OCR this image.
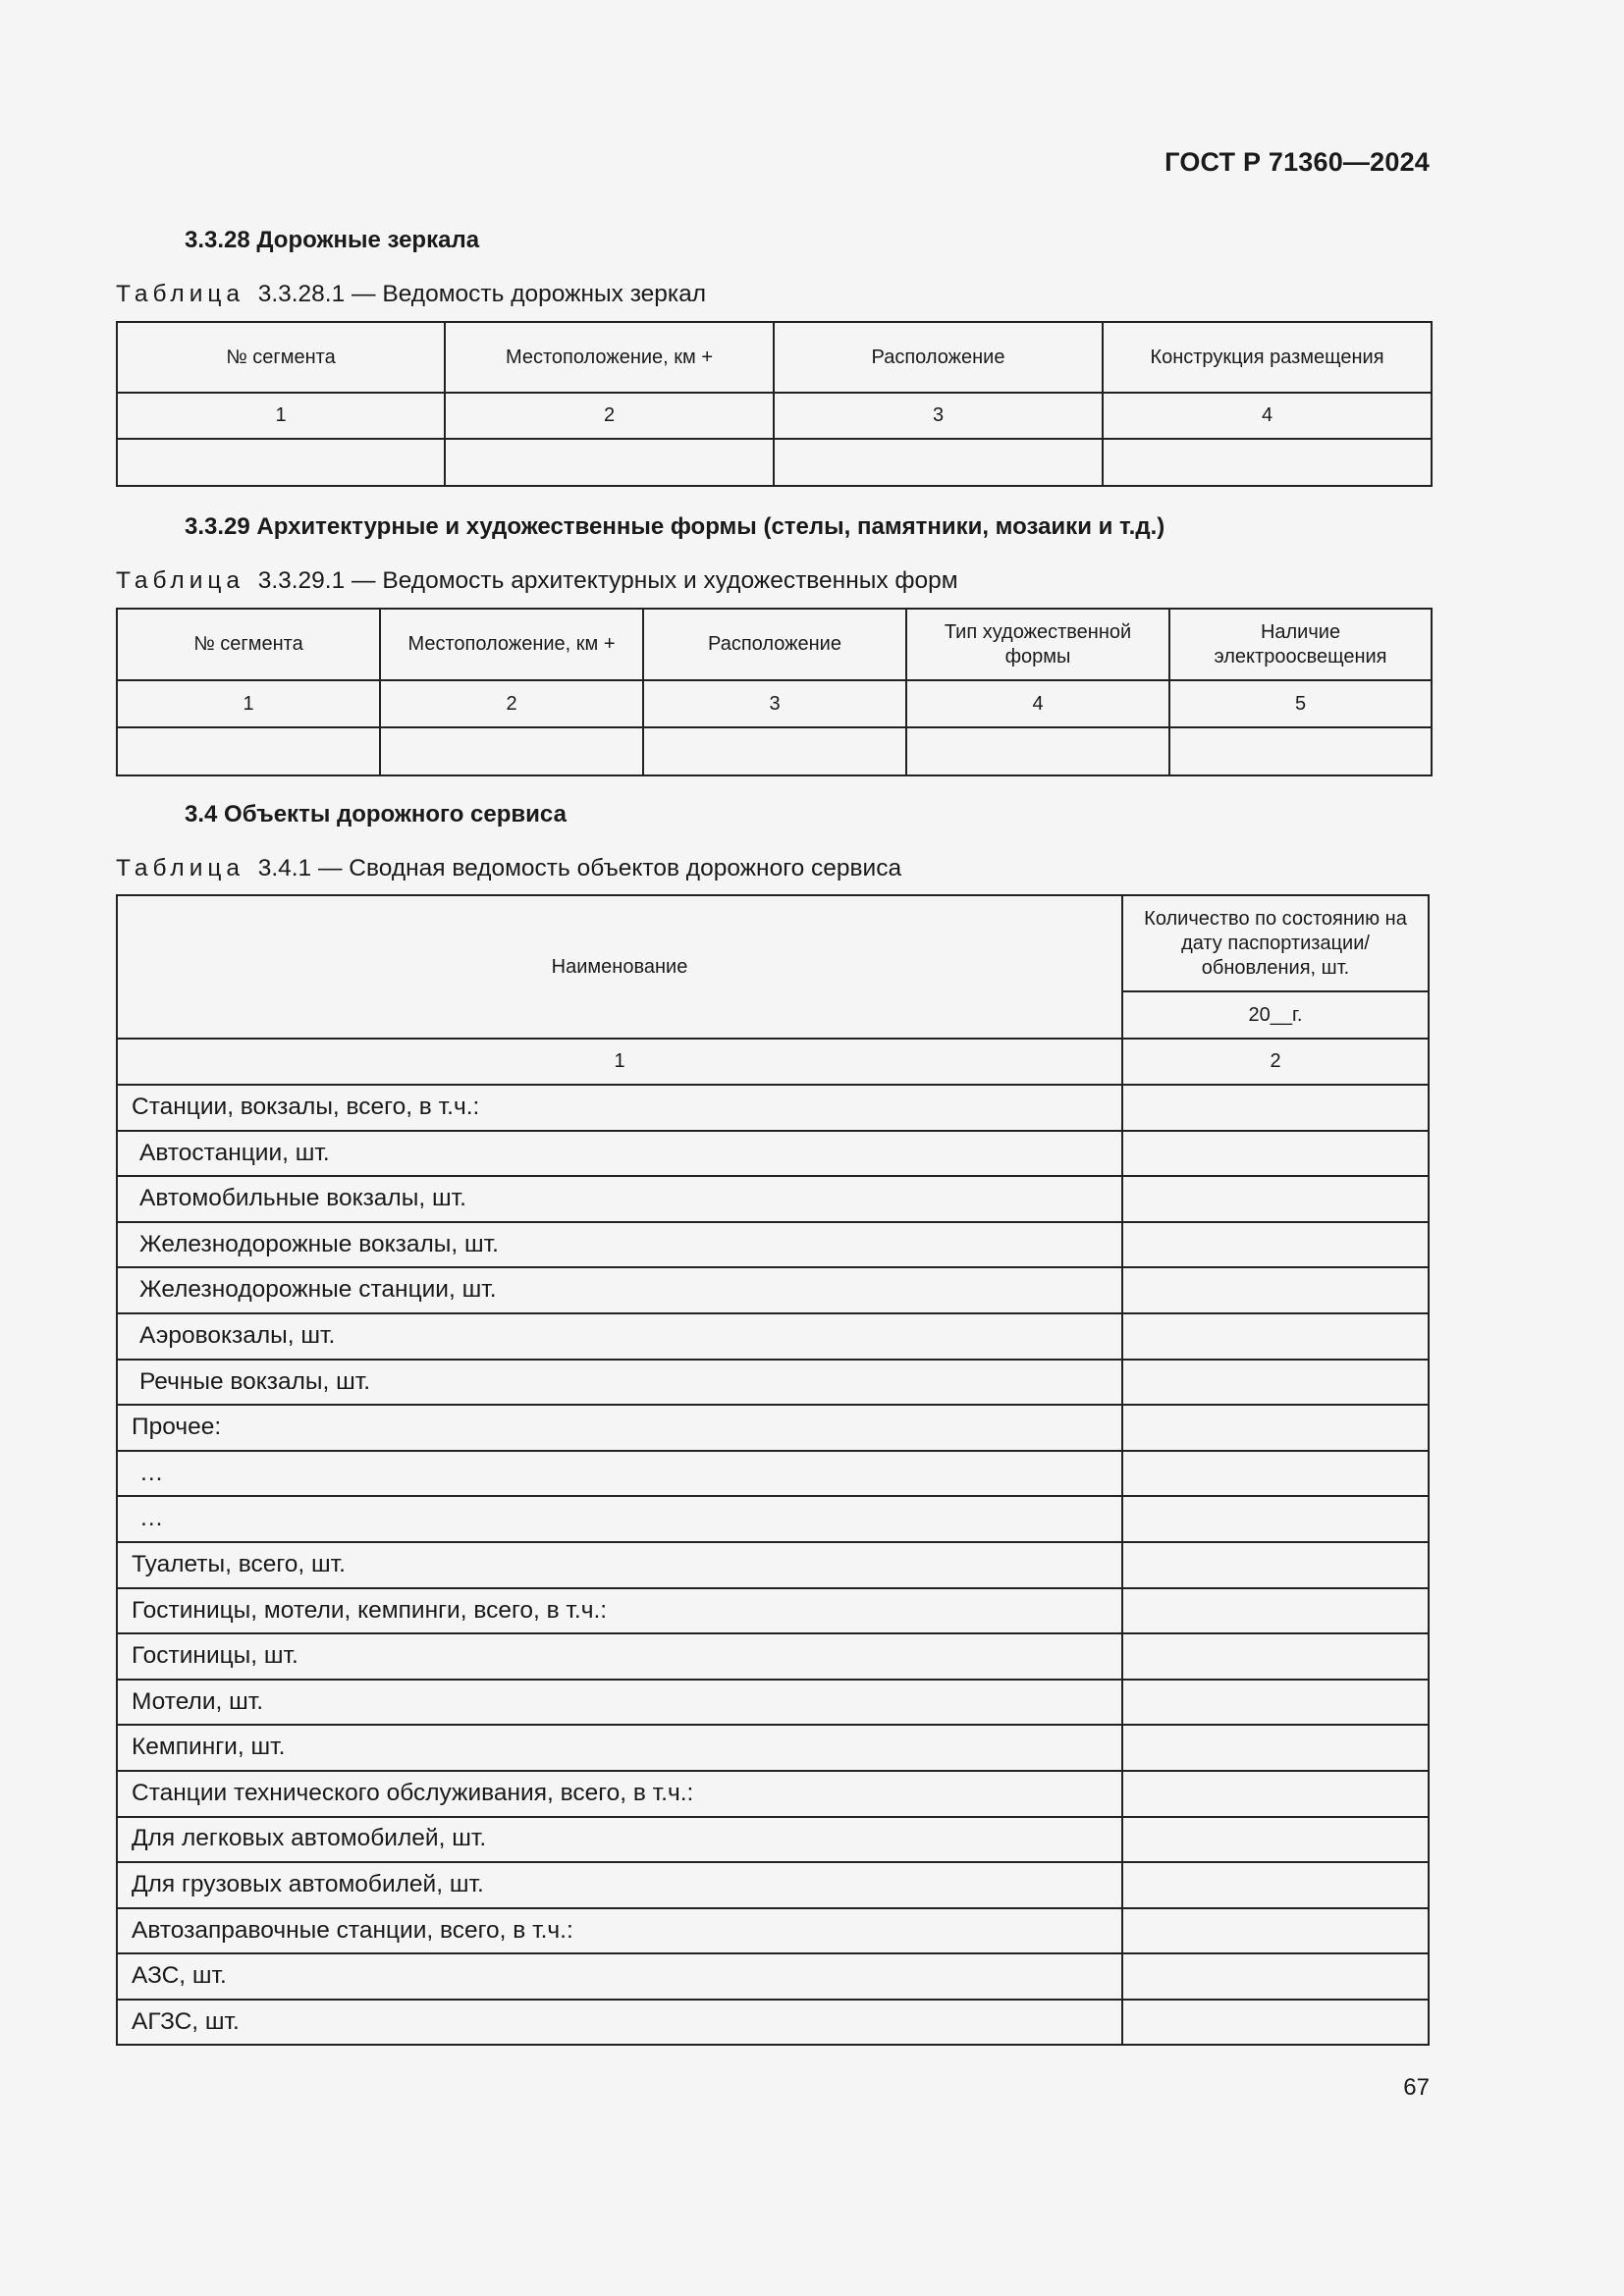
ГОСТ Р 71360—2024
3.3.28 Дорожные зеркала
Таблица 3.3.28.1 — Ведомость дорожных зеркал
№ сегмента	Местоположение, км +	Расположение	Конструкция размещения
1	2	3	4

3.3.29 Архитектурные и художественные формы (стелы, памятники, мозаики и т.д.)
Таблица 3.3.29.1 — Ведомость архитектурных и художественных форм
№ сегмента	Местоположение, км +	Расположение	Тип художественной формы	Наличие электроосвещения
1	2	3	4	5

3.4 Объекты дорожного сервиса
Таблица 3.4.1 — Сводная ведомость объектов дорожного сервиса
Наименование	Количество по состоянию на дату паспортизации/ обновления, шт.
	20__г.
1	2
Станции, вокзалы, всего, в т.ч.:	
Автостанции, шт.	
Автомобильные вокзалы, шт.	
Железнодорожные вокзалы, шт.	
Железнодорожные станции, шт.	
Аэровокзалы, шт.	
Речные вокзалы, шт.	
Прочее:	
…	
…	
Туалеты, всего, шт.	
Гостиницы, мотели, кемпинги, всего, в т.ч.:	
Гостиницы, шт.	
Мотели, шт.	
Кемпинги, шт.	
Станции технического обслуживания, всего, в т.ч.:	
Для легковых автомобилей, шт.	
Для грузовых автомобилей, шт.	
Автозаправочные станции, всего, в т.ч.:	
АЗС, шт.	
АГЗС, шт.	
67
